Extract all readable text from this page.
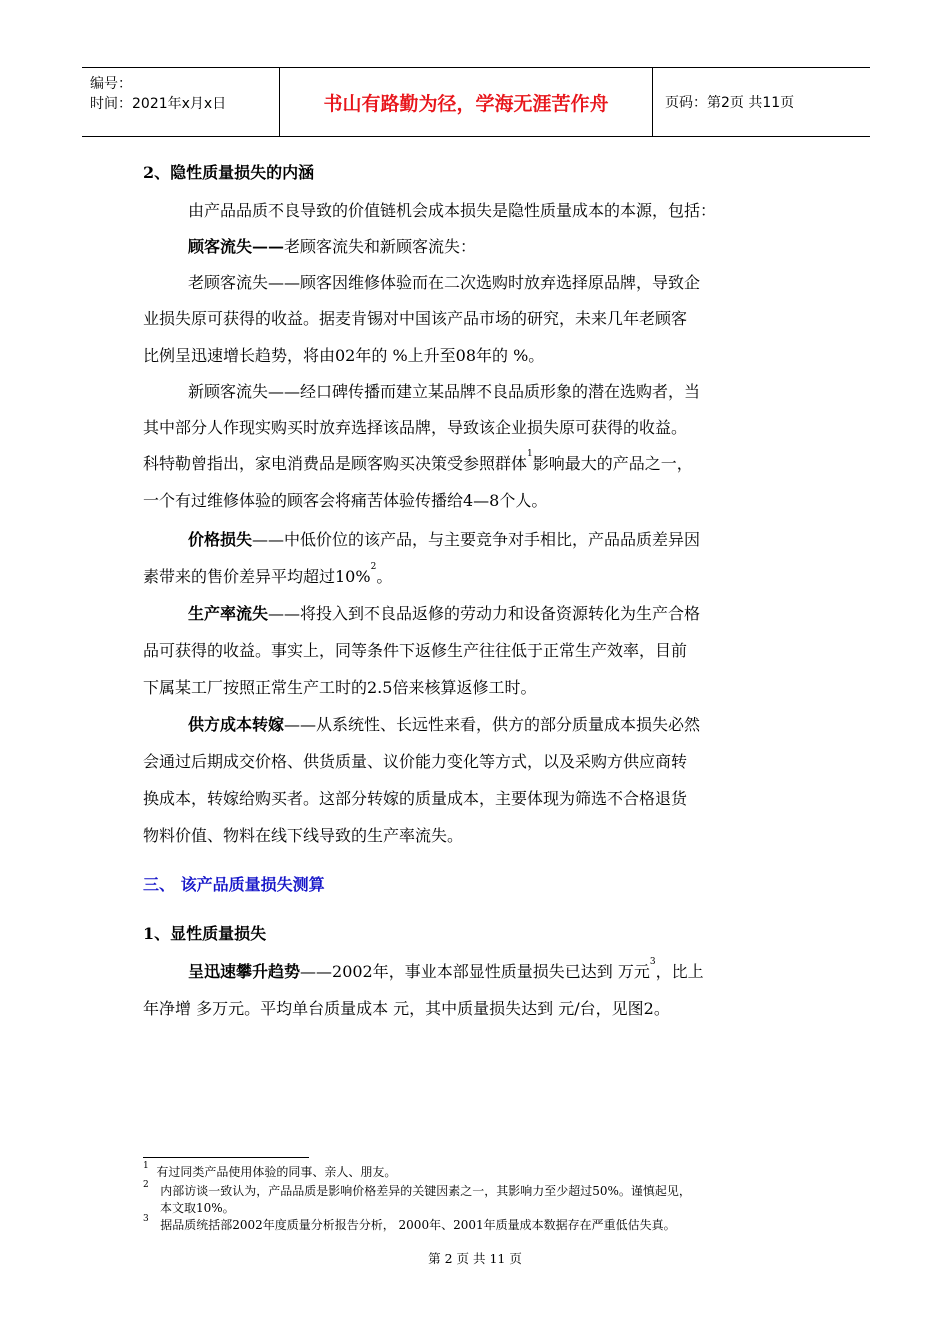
编号：
时间：2021年x月x日	书山有路勤为径，学海无涯苦作舟	页码：第2页 共11页
2、隐性质量损失的内涵
由产品品质不良导致的价值链机会成本损失是隐性质量成本的本源，包括：
顾客流失——老顾客流失和新顾客流失：
老顾客流失——顾客因维修体验而在二次选购时放弃选择原品牌，导致企
业损失原可获得的收益。据麦肯锡对中国该产品市场的研究，未来几年老顾客
比例呈迅速增长趋势，将由02年的 %上升至08年的 %。
新顾客流失——经口碑传播而建立某品牌不良品质形象的潜在选购者，当
其中部分人作现实购买时放弃选择该品牌，导致该企业损失原可获得的收益。
科特勒曾指出，家电消费品是顾客购买决策受参照群体$^1$影响最大的产品之一，
一个有过维修体验的顾客会将痛苦体验传播给4—8个人。
价格损失——中低价位的该产品，与主要竞争对手相比，产品品质差异因
素带来的售价差异平均超过10%$^2$。
生产率流失——将投入到不良品返修的劳动力和设备资源转化为生产合格
品可获得的收益。事实上，同等条件下返修生产往往低于正常生产效率，目前
下属某工厂按照正常生产工时的2.5倍来核算返修工时。
供方成本转嫁——从系统性、长远性来看，供方的部分质量成本损失必然
会通过后期成交价格、供货质量、议价能力变化等方式，以及采购方供应商转
换成本，转嫁给购买者。这部分转嫁的质量成本，主要体现为筛选不合格退货
物料价值、物料在线下线导致的生产率流失。
三、 该产品质量损失测算
1、显性质量损失
呈迅速攀升趋势——2002年，事业本部显性质量损失已达到 万元$^3$，比上
年净增 多万元。平均单台质量成本 元，其中质量损失达到 元/台，见图2。
$^1$ 有过同类产品使用体验的同事、亲人、朋友。
$^2$ 内部访谈一致认为，产品品质是影响价格差异的关键因素之一，其影响力至少超过50%。谨慎起见，
本文取10%。
$^3$ 据品质统括部2002年度质量分析报告分析， 2000年、2001年质量成本数据存在严重低估失真。
第 2 页 共 11 页
